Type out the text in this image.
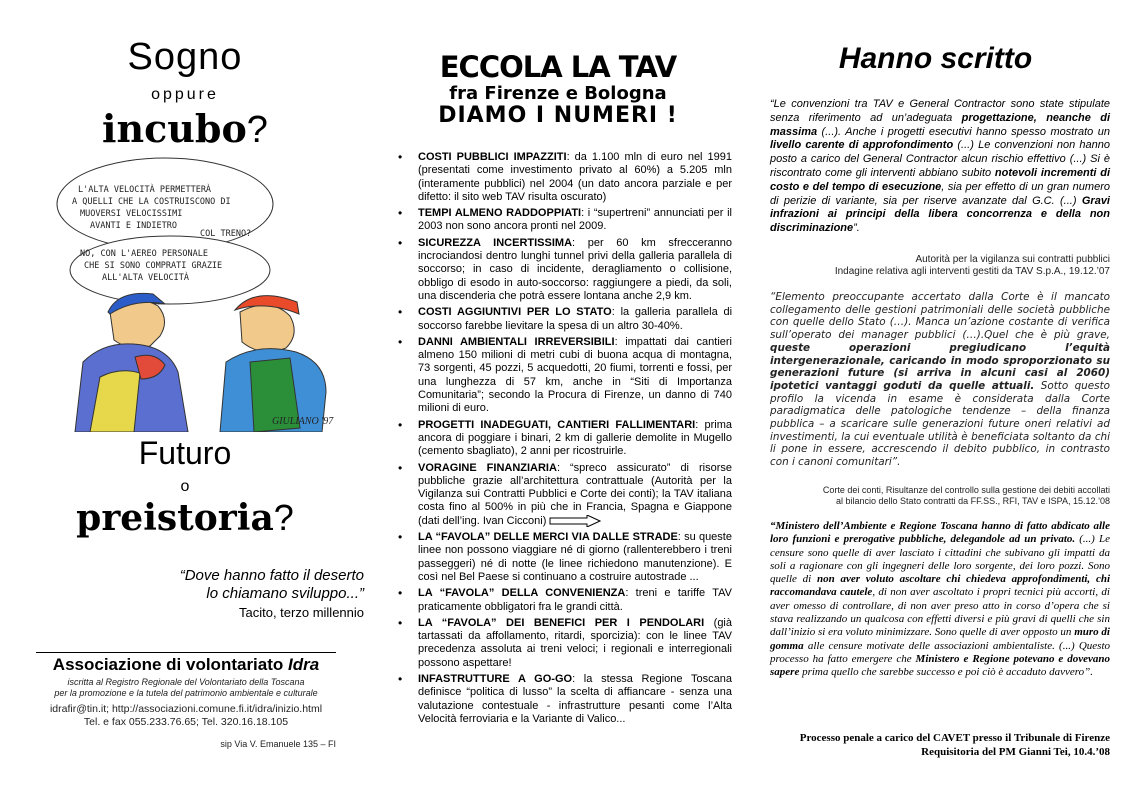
Sogno
oppure
incubo?
L'ALTA VELOCITÀ PERMETTERÀ
A QUELLI CHE LA COSTRUISCONO DI
MUOVERSI VELOCISSIMI
AVANTI E INDIETRO
COL TRENO?
NO, CON L'AEREO PERSONALE
CHE SI SONO COMPRATI GRAZIE
ALL'ALTA VELOCITÀ
GIULIANO '97
Futuro
o
preistoria?
“Dove hanno fatto il deserto
lo chiamano sviluppo...”
Tacito, terzo millennio
Associazione di volontariato Idra
iscritta al Registro Regionale del Volontariato della Toscana
per la promozione e la tutela del patrimonio ambientale e culturale
idrafir@tin.it; http://associazioni.comune.fi.it/idra/inizio.html
Tel. e fax 055.233.76.65; Tel. 320.16.18.105
sip Via V. Emanuele 135 – FI
ECCOLA LA TAV
fra Firenze e Bologna
DIAMO I NUMERI !
• COSTI PUBBLICI IMPAZZITI: da 1.100 mln di euro nel 1991 (presentati come investimento privato al 60%) a 5.205 mln (interamente pubblici) nel 2004 (un dato ancora parziale e per difetto: il sito web TAV risulta oscurato)
• TEMPI ALMENO RADDOPPIATI: i “supertreni” annunciati per il 2003 non sono ancora pronti nel 2009.
• SICUREZZA INCERTISSIMA: per 60 km sfrecceranno incrociandosi dentro lunghi tunnel privi della galleria parallela di soccorso; in caso di incidente, deragliamento o collisione, obbligo di esodo in auto-soccorso: raggiungere a piedi, da soli, una discenderia che potrà essere lontana anche 2,9 km.
• COSTI AGGIUNTIVI PER LO STATO: la galleria parallela di soccorso farebbe lievitare la spesa di un altro 30-40%.
• DANNI AMBIENTALI IRREVERSIBILI: impattati dai cantieri almeno 150 milioni di metri cubi di buona acqua di montagna, 73 sorgenti, 45 pozzi, 5 acquedotti, 20 fiumi, torrenti e fossi, per una lunghezza di 57 km, anche in “Siti di Importanza Comunitaria”; secondo la Procura di Firenze, un danno di 740 milioni di euro.
• PROGETTI INADEGUATI, CANTIERI FALLIMENTARI: prima ancora di poggiare i binari, 2 km di gallerie demolite in Mugello (cemento sbagliato), 2 anni per ricostruirle.
• VORAGINE FINANZIARIA: “spreco assicurato” di risorse pubbliche grazie all’architettura contrattuale (Autorità per la Vigilanza sui Contratti Pubblici e Corte dei conti); la TAV italiana costa fino al 500% in più che in Francia, Spagna e Giappone (dati dell’ing. Ivan Cicconi)
• LA “FAVOLA” DELLE MERCI VIA DALLE STRADE: su queste linee non possono viaggiare né di giorno (rallenterebbero i treni passeggeri) né di notte (le linee richiedono manutenzione). E così nel Bel Paese si continuano a costruire autostrade ...
• LA “FAVOLA” DELLA CONVENIENZA: treni e tariffe TAV praticamente obbligatori fra le grandi città.
• LA “FAVOLA” DEI BENEFICI PER I PENDOLARI (già tartassati da affollamento, ritardi, sporcizia): con le linee TAV precedenza assoluta ai treni veloci; i regionali e interregionali possono aspettare!
• INFASTRUTTURE A GO-GO: la stessa Regione Toscana definisce “politica di lusso” la scelta di affiancare - senza una valutazione contestuale - infrastrutture pesanti come l’Alta Velocità ferroviaria e la Variante di Valico...
Hanno scritto
“Le convenzioni tra TAV e General Contractor sono state stipulate senza riferimento ad un’adeguata progettazione, neanche di massima (...). Anche i progetti esecutivi hanno spesso mostrato un livello carente di approfondimento (...) Le convenzioni non hanno posto a carico del General Contractor alcun rischio effettivo (...) Si è riscontrato come gli interventi abbiano subito notevoli incrementi di costo e del tempo di esecuzione, sia per effetto di un gran numero di perizie di variante, sia per riserve avanzate dal G.C. (...) Gravi infrazioni ai principi della libera concorrenza e della non discriminazione”.
Autorità per la vigilanza sui contratti pubblici
Indagine relativa agli interventi gestiti da TAV S.p.A., 19.12.’07
“Elemento preoccupante accertato dalla Corte è il mancato collegamento delle gestioni patrimoniali delle società pubbliche con quelle dello Stato (…). Manca un’azione costante di verifica sull’operato dei manager pubblici (…).Quel che è più grave, queste operazioni pregiudicano l’equità intergenerazionale, caricando in modo sproporzionato su generazioni future (si arriva in alcuni casi al 2060) ipotetici vantaggi goduti da quelle attuali. Sotto questo profilo la vicenda in esame è considerata dalla Corte paradigmatica delle patologiche tendenze – della finanza pubblica – a scaricare sulle generazioni future oneri relativi ad investimenti, la cui eventuale utilità è beneficiata soltanto da chi li pone in essere, accrescendo il debito pubblico, in contrasto con i canoni comunitari”.
Corte dei conti, Risultanze del controllo sulla gestione dei debiti accollati
al bilancio dello Stato contratti da FF.SS., RFI, TAV e ISPA, 15.12.’08
“Ministero dell’Ambiente e Regione Toscana hanno di fatto abdicato alle loro funzioni e prerogative pubbliche, delegandole ad un privato. (...) Le censure sono quelle di aver lasciato i cittadini che subivano gli impatti da soli a ragionare con gli ingegneri delle loro sorgente, dei loro pozzi. Sono quelle di non aver voluto ascoltare chi chiedeva approfondimenti, chi raccomandava cautele, di non aver ascoltato i propri tecnici più accorti, di aver omesso di controllare, di non aver preso atto in corso d’opera che si stava realizzando un qualcosa con effetti diversi e più gravi di quelli che sin dall’inizio si era voluto minimizzare. Sono quelle di aver opposto un muro di gomma alle censure motivate delle associazioni ambientaliste. (...) Questo processo ha fatto emergere che Ministero e Regione potevano e dovevano sapere prima quello che sarebbe successo e poi ciò è accaduto davvero”.
Processo penale a carico del CAVET presso il Tribunale di Firenze
Requisitoria del PM Gianni Tei, 10.4.’08
